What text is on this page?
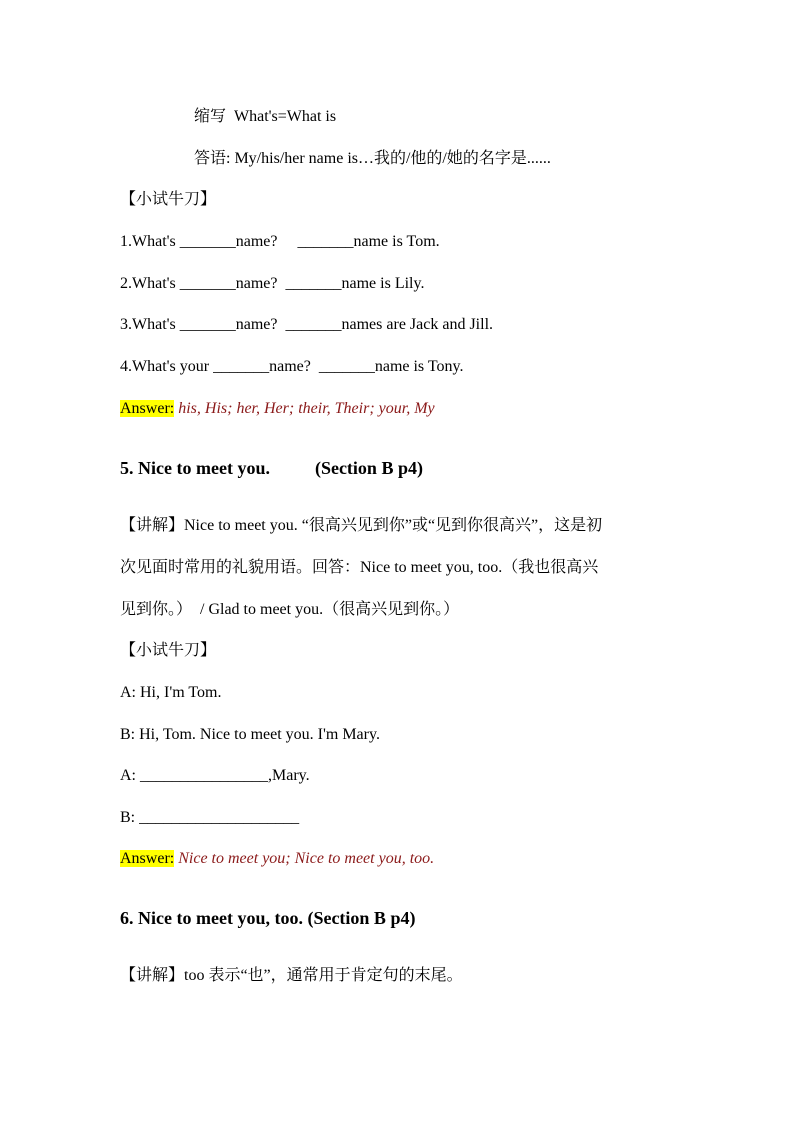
缩写  What's=What is
答语: My/his/her name is…我的/他的/她的名字是......
【小试牛刀】
1.What's _______name?     _______name is Tom.
2.What's _______name?  _______name is Lily.
3.What's _______name?  _______names are Jack and Jill.
4.What's your _______name?  _______name is Tony.
Answer: his, His; her, Her; their, Their; your, My
5. Nice to meet you.          (Section B p4)
【讲解】Nice to meet you. “很高兴见到你”或“见到你很高兴”，这是初
次见面时常用的礼貌用语。回答：Nice to meet you, too.（我也很高兴
见到你。）  / Glad to meet you.（很高兴见到你。）
【小试牛刀】
A: Hi, I'm Tom.
B: Hi, Tom. Nice to meet you. I'm Mary.
A: ________________,Mary.
B: ____________________
Answer: Nice to meet you; Nice to meet you, too.
6. Nice to meet you, too. (Section B p4)
【讲解】too 表示“也”，通常用于肯定句的末尾。
